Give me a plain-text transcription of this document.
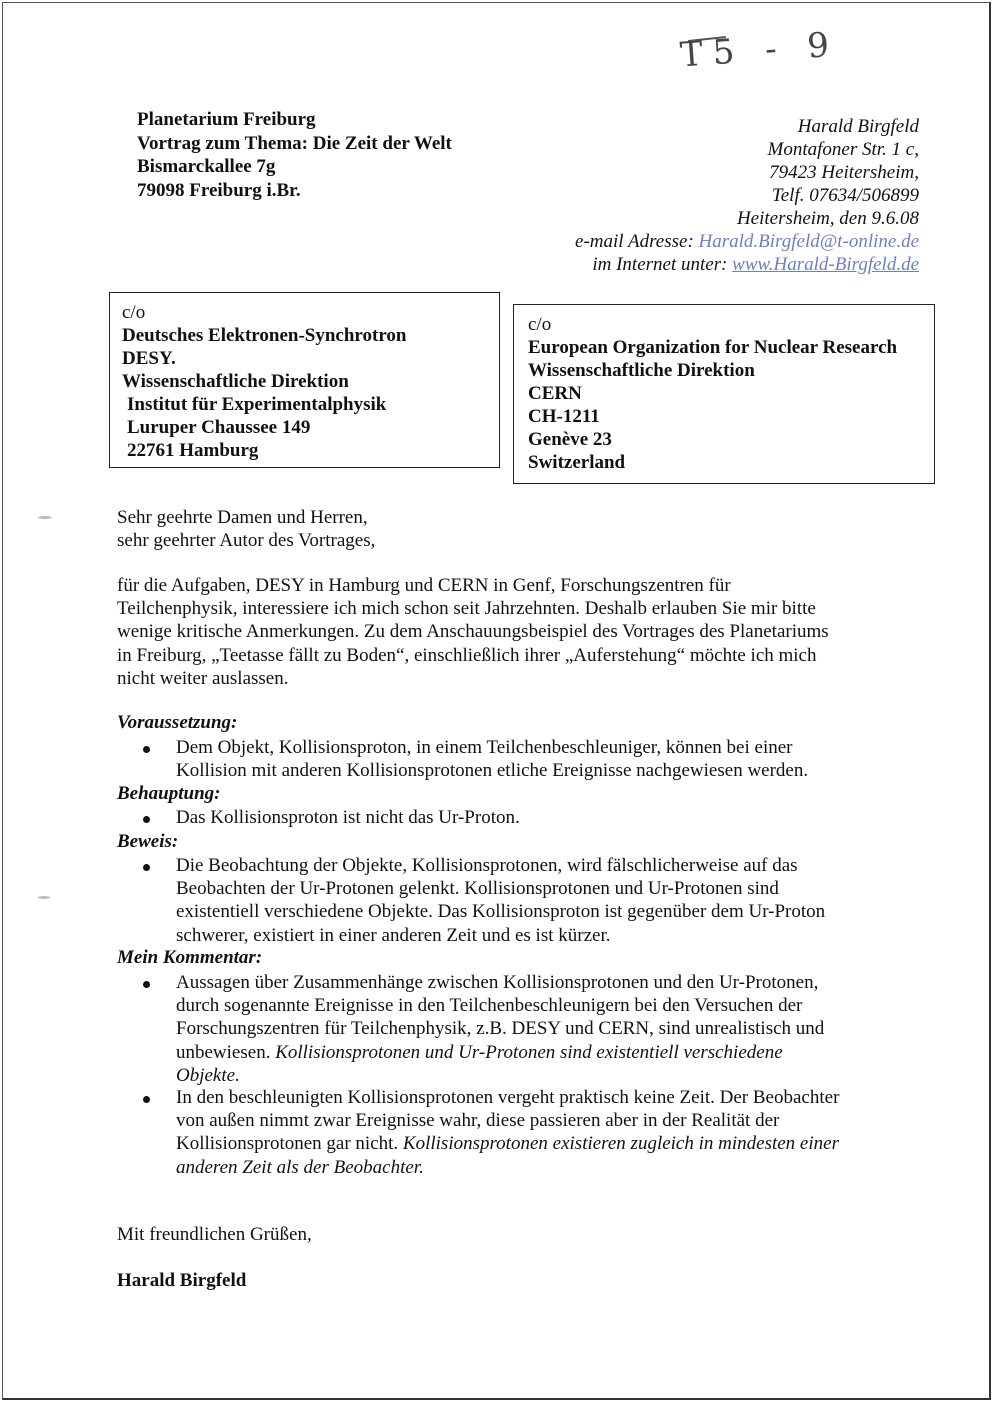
T5 - 9
Planetarium Freiburg
Vortrag zum Thema: Die Zeit der Welt
Bismarckallee 7g
79098 Freiburg i.Br.
Harald Birgfeld
Montafoner Str. 1 c,
79423 Heitersheim,
Telf. 07634/506899
Heitersheim, den 9.6.08
e-mail Adresse: Harald.Birgfeld@t-online.de
im Internet unter: www.Harald-Birgfeld.de
c/o
Deutsches Elektronen-Synchrotron
DESY.
Wissenschaftliche Direktion
Institut für Experimentalphysik
Luruper Chaussee 149
22761 Hamburg
c/o
European Organization for Nuclear Research
Wissenschaftliche Direktion
CERN
CH-1211
Genève 23
Switzerland
Sehr geehrte Damen und Herren,
sehr geehrter Autor des Vortrages,
für die Aufgaben, DESY in Hamburg und CERN in Genf, Forschungszentren für
Teilchenphysik, interessiere ich mich schon seit Jahrzehnten. Deshalb erlauben Sie mir bitte
wenige kritische Anmerkungen. Zu dem Anschauungsbeispiel des Vortrages des Planetariums
in Freiburg, „Teetasse fällt zu Boden“, einschließlich ihrer „Auferstehung“ möchte ich mich
nicht weiter auslassen.
Voraussetzung:
Dem Objekt, Kollisionsproton, in einem Teilchenbeschleuniger, können bei einer
Kollision mit anderen Kollisionsprotonen etliche Ereignisse nachgewiesen werden.
Behauptung:
Das Kollisionsproton ist nicht das Ur-Proton.
Beweis:
Die Beobachtung der Objekte, Kollisionsprotonen, wird fälschlicherweise auf das
Beobachten der Ur-Protonen gelenkt. Kollisionsprotonen und Ur-Protonen sind
existentiell verschiedene Objekte. Das Kollisionsproton ist gegenüber dem Ur-Proton
schwerer, existiert in einer anderen Zeit und es ist kürzer.
Mein Kommentar:
Aussagen über Zusammenhänge zwischen Kollisionsprotonen und den Ur-Protonen,
durch sogenannte Ereignisse in den Teilchenbeschleunigern bei den Versuchen der
Forschungszentren für Teilchenphysik, z.B. DESY und CERN, sind unrealistisch und
unbewiesen. Kollisionsprotonen und Ur-Protonen sind existentiell verschiedene
Objekte.
In den beschleunigten Kollisionsprotonen vergeht praktisch keine Zeit. Der Beobachter
von außen nimmt zwar Ereignisse wahr, diese passieren aber in der Realität der
Kollisionsprotonen gar nicht. Kollisionsprotonen existieren zugleich in mindesten einer
anderen Zeit als der Beobachter.
Mit freundlichen Grüßen,
Harald Birgfeld
